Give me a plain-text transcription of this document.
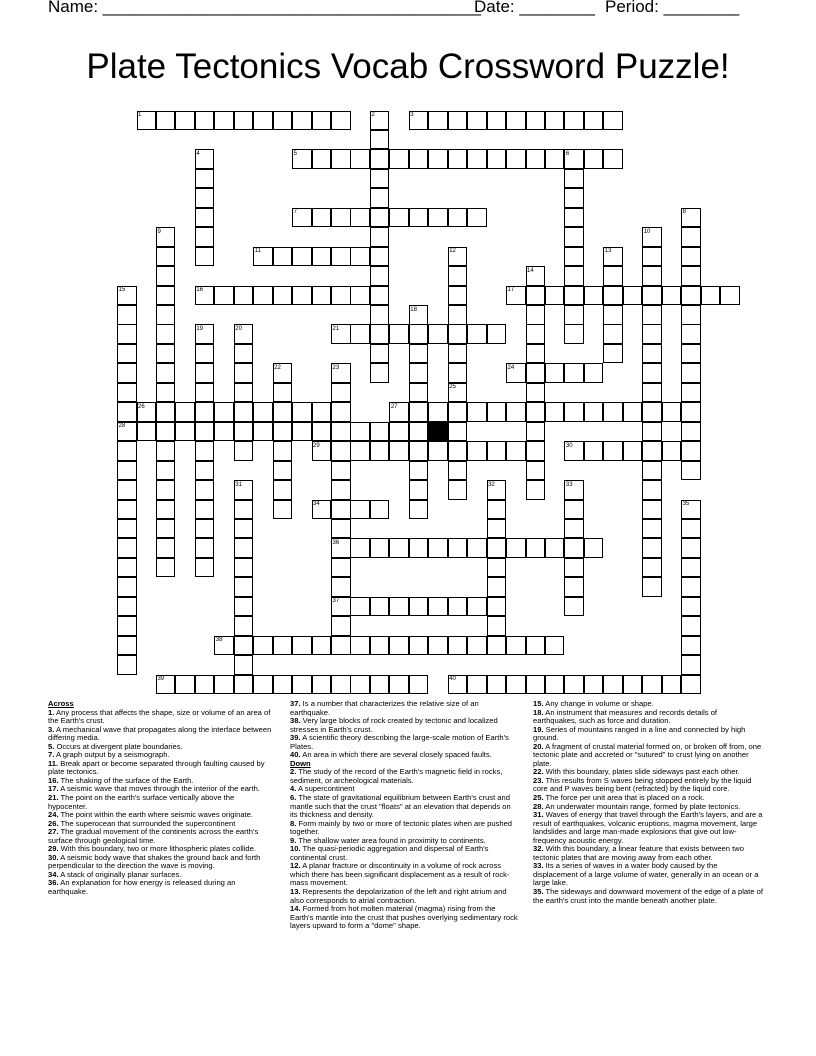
Name: ________________________________________
Date: ________ Period: ________
Plate Tectonics Vocab Crossword Puzzle!
1	3
5
7
11
16	17
21
24
26	27
28
29	30
34
36
37
38
39	40
2
4	6
8
9	10
12	13
14
15
18
19	20
22	23
25
31	32	33
35

Across

1. Any process that affects the shape, size or volume of an area of the Earth's crust.

3. A mechanical wave that propagates along the interface between differing media.

5. Occurs at divergent plate boundaries.

7. A graph output by a seismograph.

11. Break apart or become separated through faulting caused by plate tectonics.

16. The shaking of the surface of the Earth.

17. A seismic wave that moves through the interior of the earth.

21. The point on the earth's surface vertically above the hypocenter.

24. The point within the earth where seismic waves originate.

26. The superocean that surrounded the supercontinent

27. The gradual movement of the continents across the earth's surface through geological time.

29. With this boundary, two or more lithospheric plates collide.

30. A seismic body wave that shakes the ground back and forth perpendicular to the direction the wave is moving.

34. A stack of originally planar surfaces.

36. An explanation for how energy is released during an earthquake.

37. Is a number that characterizes the relative size of an earthquake.

38. Very large blocks of rock created by tectonic and localized stresses in Earth's crust.

39. A scientific theory describing the large-scale motion of Earth's Plates.

40. An area in which there are several closely spaced faults.

Down

2. The study of the record of the Earth's magnetic field in rocks, sediment, or archeological materials.

4. A supercontinent

6. The state of gravitational equilibrium between Earth's crust and mantle such that the crust "floats" at an elevation that depends on its thickness and density.

8. Form mainly by two or more of tectonic plates when are pushed together.

9. The shallow water area found in proximity to continents.

10. The quasi-periodic aggregation and dispersal of Earth's continental crust.

12. A planar fracture or discontinuity in a volume of rock across which there has been significant displacement as a result of rock-mass movement.

13. Represents the depolarization of the left and right atrium and also corresponds to atrial contraction.

14. Formed from hot molten material (magma) rising from the Earth's mantle into the crust that pushes overlying sedimentary rock layers upward to form a "dome" shape.

15. Any change in volume or shape.

18. An instrument that measures and records details of earthquakes, such as force and duration.

19. Series of mountains ranged in a line and connected by high ground.

20. A fragment of crustal material formed on, or broken off from, one tectonic plate and accreted or "sutured" to crust lying on another plate.

22. With this boundary, plates slide sideways past each other.

23. This results from S waves being stopped entirely by the liquid core and P waves being bent (refracted) by the liquid core.

25. The force per unit area that is placed on a rock.

28. An underwater mountain range, formed by plate tectonics.

31. Waves of energy that travel through the Earth's layers, and are a result of earthquakes, volcanic eruptions, magma movement, large landslides and large man-made explosions that give out low-frequency acoustic energy.

32. With this boundary, a linear feature that exists between two tectonic plates that are moving away from each other.

33. Its a series of waves in a water body caused by the displacement of a large volume of water, generally in an ocean or a large lake.

35. The sideways and downward movement of the edge of a plate of the earth's crust into the mantle beneath another plate.
